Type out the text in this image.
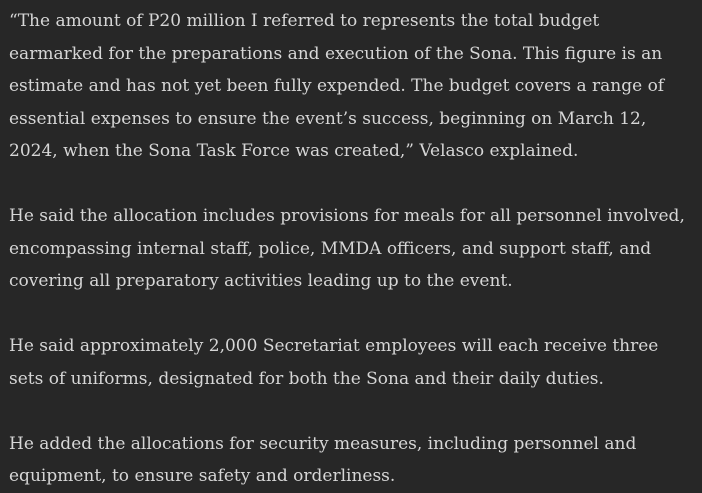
“The amount of P20 million I referred to represents the total budget earmarked for the preparations and execution of the Sona. This figure is an estimate and has not yet been fully expended. The budget covers a range of essential expenses to ensure the event’s success, beginning on March 12, 2024, when the Sona Task Force was created,” Velasco explained.

He said the allocation includes provisions for meals for all personnel involved, encompassing internal staff, police, MMDA officers, and support staff, and covering all preparatory activities leading up to the event.

He said approximately 2,000 Secretariat employees will each receive three sets of uniforms, designated for both the Sona and their daily duties.

He added the allocations for security measures, including personnel and equipment, to ensure safety and orderliness.
